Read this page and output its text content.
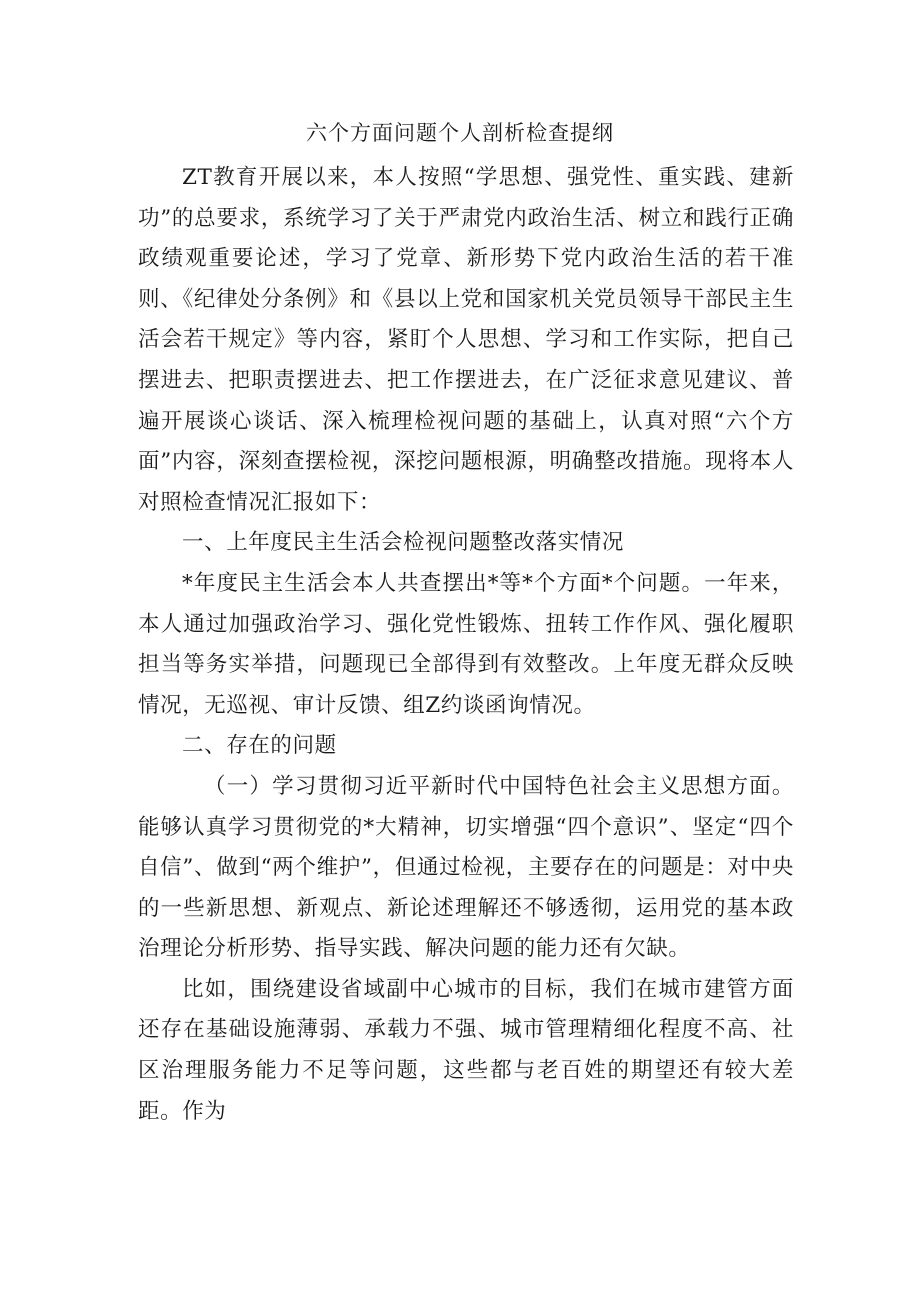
六个方面问题个人剖析检查提纲

ZT教育开展以来，本人按照“学思想、强党性、重实践、建新功”的总要求，系统学习了关于严肃党内政治生活、树立和践行正确政绩观重要论述，学习了党章、新形势下党内政治生活的若干准则、《纪律处分条例》和《县以上党和国家机关党员领导干部民主生活会若干规定》等内容，紧盯个人思想、学习和工作实际，把自己摆进去、把职责摆进去、把工作摆进去，在广泛征求意见建议、普遍开展谈心谈话、深入梳理检视问题的基础上，认真对照“六个方面”内容，深刻查摆检视，深挖问题根源，明确整改措施。现将本人对照检查情况汇报如下：

一、上年度民主生活会检视问题整改落实情况

*年度民主生活会本人共查摆出*等*个方面*个问题。一年来，本人通过加强政治学习、强化党性锻炼、扭转工作作风、强化履职担当等务实举措，问题现已全部得到有效整改。上年度无群众反映情况，无巡视、审计反馈、组Z约谈函询情况。

二、存在的问题

（一）学习贯彻习近平新时代中国特色社会主义思想方面。能够认真学习贯彻党的*大精神，切实增强“四个意识”、坚定“四个自信”、做到“两个维护”，但通过检视，主要存在的问题是：对中央的一些新思想、新观点、新论述理解还不够透彻，运用党的基本政治理论分析形势、指导实践、解决问题的能力还有欠缺。

比如，围绕建设省域副中心城市的目标，我们在城市建管方面还存在基础设施薄弱、承载力不强、城市管理精细化程度不高、社区治理服务能力不足等问题，这些都与老百姓的期望还有较大差距。作为
